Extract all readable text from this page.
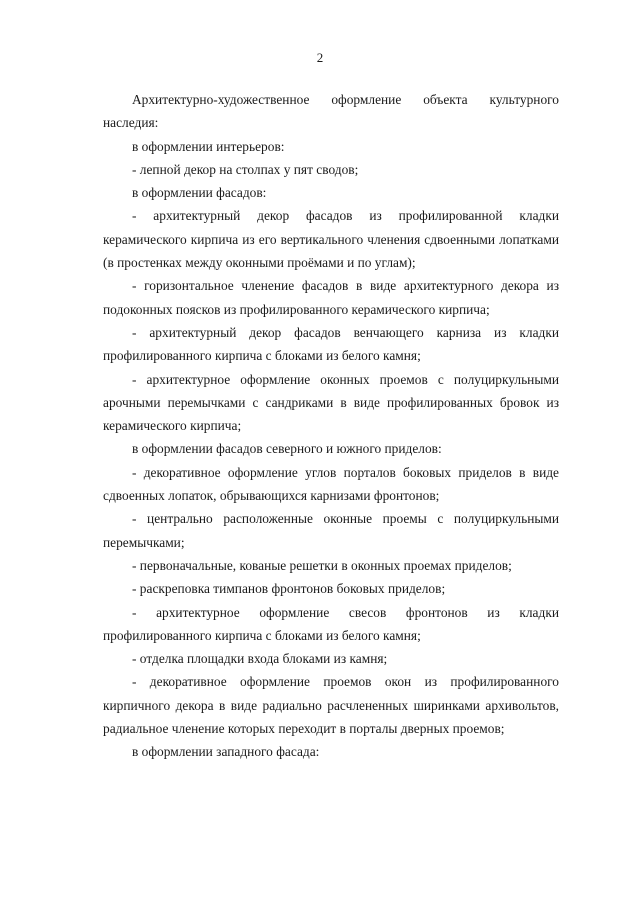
2

Архитектурно-художественное оформление объекта культурного наследия:

в оформлении интерьеров:

- лепной декор на столпах у пят сводов;

в оформлении фасадов:

- архитектурный декор фасадов из профилированной кладки керамического кирпича из его вертикального членения сдвоенными лопатками (в простенках между оконными проёмами и по углам);

- горизонтальное членение фасадов в виде архитектурного декора из подоконных поясков из профилированного керамического кирпича;

- архитектурный декор фасадов венчающего карниза из кладки профилированного кирпича с блоками из белого камня;

- архитектурное оформление оконных проемов с полуциркульными арочными перемычками с сандриками в виде профилированных бровок из керамического кирпича;

в оформлении фасадов северного и южного приделов:

- декоративное оформление углов порталов боковых приделов в виде сдвоенных лопаток, обрывающихся карнизами фронтонов;

- центрально расположенные оконные проемы с полуциркульными перемычками;

- первоначальные, кованые решетки в оконных проемах приделов;

- раскреповка тимпанов фронтонов боковых приделов;

- архитектурное оформление свесов фронтонов из кладки профилированного кирпича с блоками из белого камня;

- отделка площадки входа блоками из камня;

- декоративное оформление проемов окон из профилированного кирпичного декора в виде радиально расчлененных ширинками архивольтов, радиальное членение которых переходит в порталы дверных проемов;

в оформлении западного фасада:
